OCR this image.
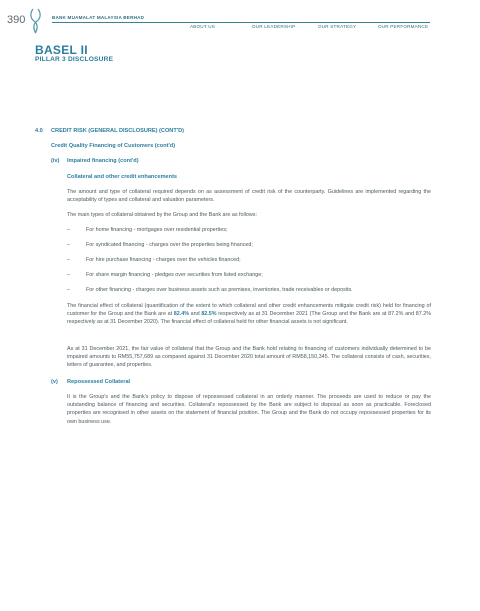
390	BANK MUAMALAT MALAYSIA BERHAD
ABOUT US	OUR LEADERSHIP	OUR STRATEGY	OUR PERFORMANCE
BASEL II
PILLAR 3 DISCLOSURE
4.0 CREDIT RISK (GENERAL DISCLOSURE) (CONT'D)
Credit Quality Financing of Customers (cont'd)
(iv) Impaired financing (cont'd)
Collateral and other credit enhancements
The amount and type of collateral required depends on as assessment of credit risk of the counterparty. Guidelines are implemented regarding the acceptability of types and collateral and valuation parameters.
The main types of collateral obtained by the Group and the Bank are as follows:
–	For home financing - mortgages over residential properties;
–	For syndicated financing - charges over the properties being financed;
–	For hire purchase financing - charges over the vehicles financed;
–	For share margin financing - pledges over securities from listed exchange;
–	For other financing - charges over business assets such as premises, inventories, trade receivables or deposits.
The financial effect of collateral (quantification of the extent to which collateral and other credit enhancements mitigate credit risk) held for financing of customer for the Group and the Bank are at 82.4% and 82.5% respectively as at 31 December 2021 (The Group and the Bank are at 87.2% and 87.2% respectively as at 31 December 2020). The financial effect of collateral held for other financial assets is not significant.
As at 31 December 2021, the fair value of collateral that the Group and the Bank hold relating to financing of customers individually determined to be impaired amounts to RM55,757,689 as compared against 31 December 2020 total amount of RM58,150,345. The collateral consists of cash, securities, letters of guarantee, and properties.
(v) Repossessed Collateral
It is the Group's and the Bank's policy to dispose of repossessed collateral in an orderly manner. The proceeds are used to reduce or pay the outstanding balance of financing and securities. Collateral's repossessed by the Bank are subject to disposal as soon as practicable. Foreclosed properties are recognised in other assets on the statement of financial position. The Group and the Bank do not occupy repossessed properties for its own business use.
